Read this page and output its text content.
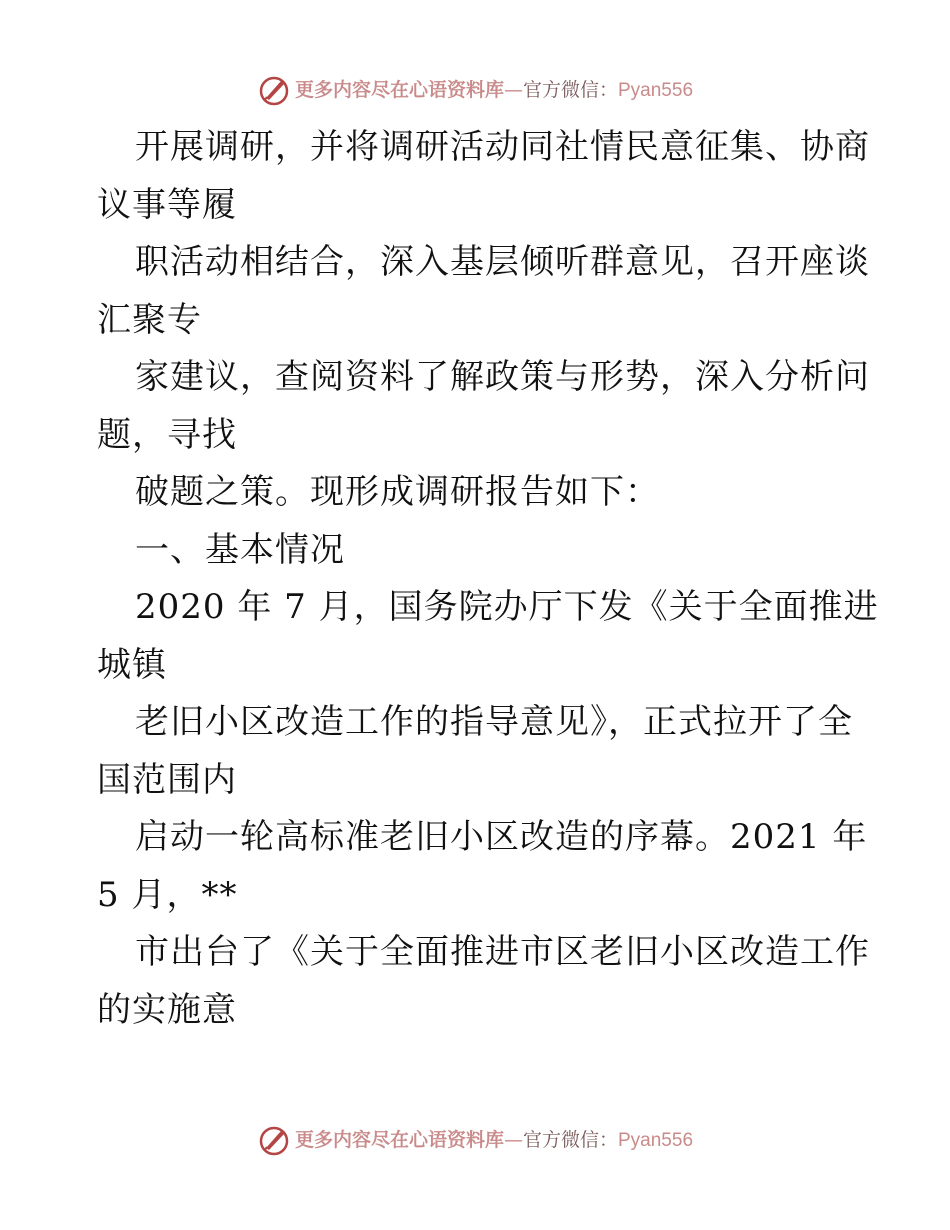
更多内容尽在心语资料库 — 官方微信： Pyan556
开展调研，并将调研活动同社情民意征集、协商
议事等履
职活动相结合，深入基层倾听群意见，召开座谈
汇聚专
家建议，查阅资料了解政策与形势，深入分析问
题，寻找
破题之策。现形成调研报告如下：
一、基本情况
2020 年 7 月，国务院办厅下发《关于全面推进
城镇
老旧小区改造工作的指导意见》，正式拉开了全
国范围内
启动一轮高标准老旧小区改造的序幕。2021 年
5 月，**
市出台了《关于全面推进市区老旧小区改造工作
的实施意
更多内容尽在心语资料库 — 官方微信： Pyan556
